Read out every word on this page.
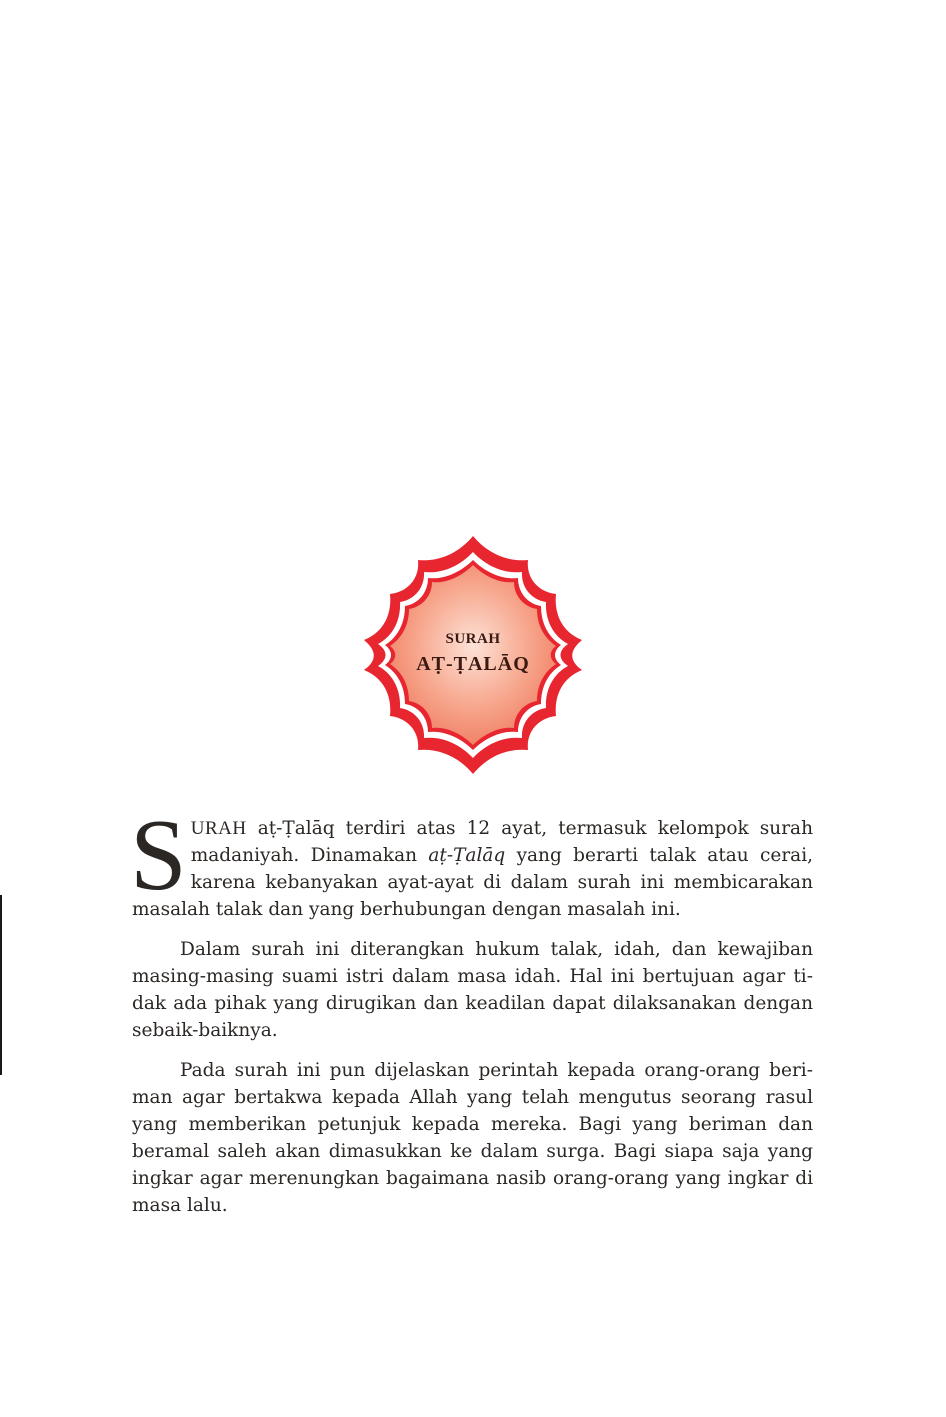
SURAH
AṬ-ṬALĀQ

SURAH aṭ-Ṭalāq terdiri atas 12 ayat, termasuk kelompok surah madaniyah. Dinamakan aṭ-Ṭalāq yang berarti talak atau cerai, karena kebanyakan ayat-ayat di dalam surah ini membicarakan masalah talak dan yang berhubungan dengan masalah ini.

Dalam surah ini diterangkan hukum talak, idah, dan kewajiban masing-masing suami istri dalam masa idah. Hal ini bertujuan agar tidak ada pihak yang dirugikan dan keadilan dapat dilaksanakan dengan sebaik-baiknya.

Pada surah ini pun dijelaskan perintah kepada orang-orang beriman agar bertakwa kepada Allah yang telah mengutus seorang rasul yang memberikan petunjuk kepada mereka. Bagi yang beriman dan beramal saleh akan dimasukkan ke dalam surga. Bagi siapa saja yang ingkar agar merenungkan bagaimana nasib orang-orang yang ingkar di masa lalu.
